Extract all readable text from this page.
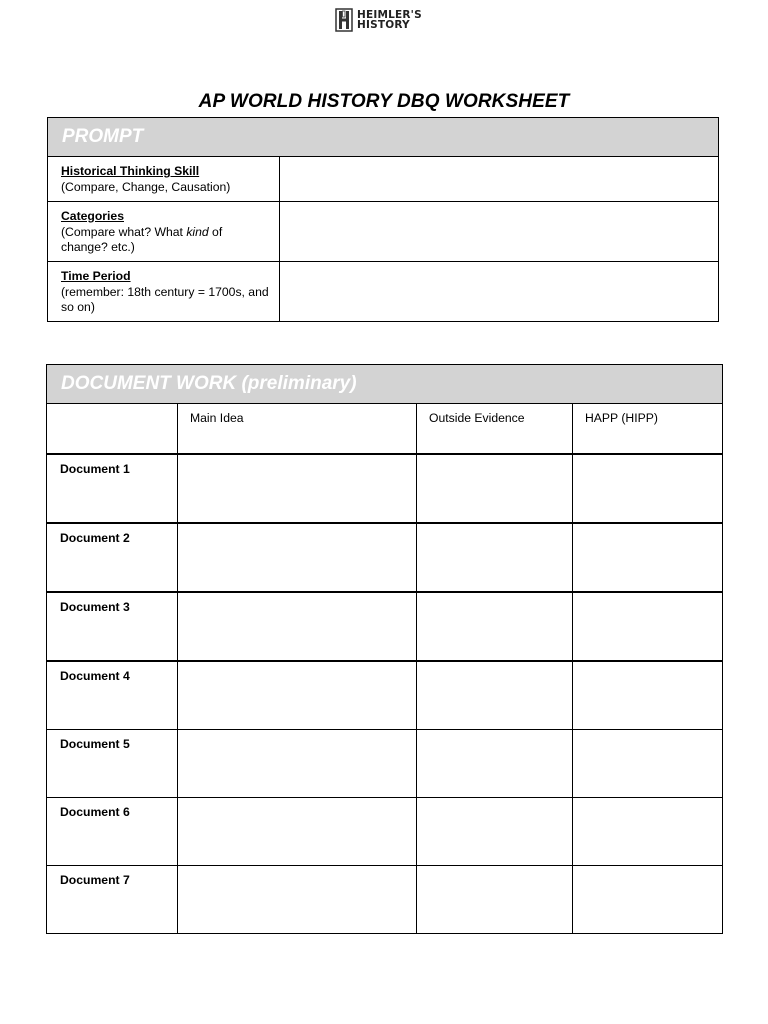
HEIMLER'S
HISTORY
AP WORLD HISTORY DBQ WORKSHEET
PROMPT	

Historical Thinking Skill
(Compare, Change, Causation)	

Categories
(Compare what? What kind of change? etc.)	

Time Period
(remember: 18th century = 1700s, and so on)	

DOCUMENT WORK (preliminary)			
	Main Idea	Outside Evidence	HAPP (HIPP)
Document 1			
Document 2			
Document 3			
Document 4			
Document 5			
Document 6			
Document 7			
